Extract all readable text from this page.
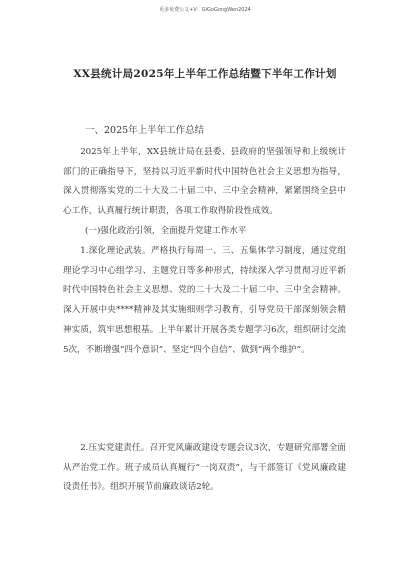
更多免费公文+V：GiGoGongWen2024
XX县统计局2025年上半年工作总结暨下半年工作计划
一、2025年上半年工作总结

2025年上半年，XX县统计局在县委、县政府的坚强领导和上级统计部门的正确指导下，坚持以习近平新时代中国特色社会主义思想为指导，深入贯彻落实党的二十大及二十届二中、三中全会精神，紧紧围绕全县中心工作，认真履行统计职责，各项工作取得阶段性成效。

(一)强化政治引领，全面提升党建工作水平

1.深化理论武装。严格执行每周一、三、五集体学习制度，通过党组理论学习中心组学习、主题党日等多种形式，持续深入学习贯彻习近平新时代中国特色社会主义思想、党的二十大及二十届二中、三中全会精神。深入开展中央****精神及其实施细则学习教育，引导党员干部深刻领会精神实质，筑牢思想根基。上半年累计开展各类专题学习6次，组织研讨交流5次，不断增强“四个意识”、坚定“四个自信”、做到“两个维护”。

2.压实党建责任。召开党风廉政建设专题会议3次，专题研究部署全面从严治党工作。班子成员认真履行“一岗双责”，与干部签订《党风廉政建设责任书》。组织开展节前廉政谈话2轮。
